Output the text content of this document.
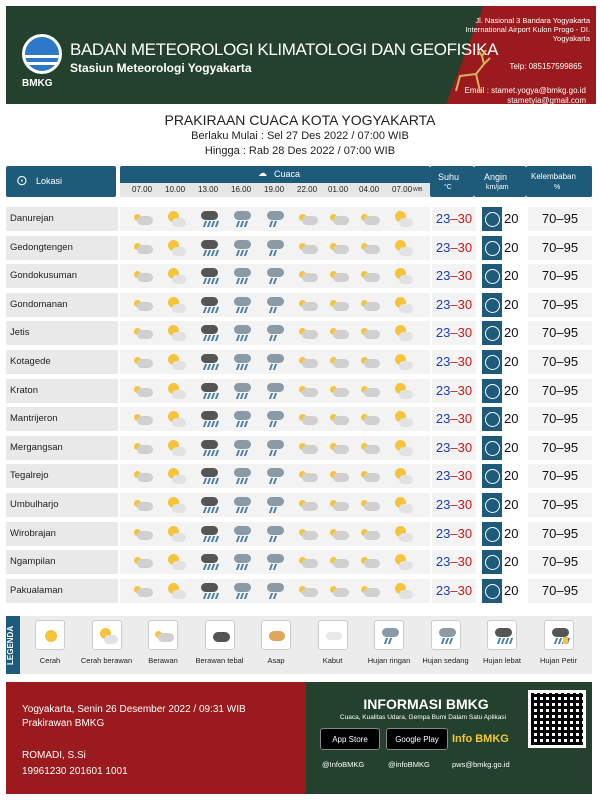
BMKG
BADAN METEOROLOGI KLIMATOLOGI DAN GEOFISIKA
Stasiun Meteorologi Yogyakarta
Jl. Nasional 3 Bandara Yogyakarta International Airport Kulon Progo - DI. Yogyakarta
Telp: 085157599865
Email : stamet.yogya@bmkg.go.id
stametyia@gmail.com
PRAKIRAAN CUACA KOTA YOGYAKARTA
Berlaku Mulai : Sel 27 Des 2022 / 07:00 WIB
Hingga : Rab 28 Des 2022 / 07:00 WIB
⊙ Lokasi
☁ Cuaca
07.00 10.00 13.00 16.00 19.00 22.00 01.00 04.00 07.00 WIB
Suhu
°C
Angin
km/jam
Kelembaban
%
Danurejan	23–30	20	70–95
Gedongtengen	23–30	20	70–95
Gondokusuman	23–30	20	70–95
Gondomanan	23–30	20	70–95
Jetis	23–30	20	70–95
Kotagede	23–30	20	70–95
Kraton	23–30	20	70–95
Mantrijeron	23–30	20	70–95
Mergangsan	23–30	20	70–95
Tegalrejo	23–30	20	70–95
Umbulharjo	23–30	20	70–95
Wirobrajan	23–30	20	70–95
Ngampilan	23–30	20	70–95
Pakualaman	23–30	20	70–95
LEGENDA	Cerah	Cerah berawan	Berawan	Berawan tebal	Asap	Kabut	Hujan ringan	Hujan sedang	Hujan lebat	Hujan Petir
Yogyakarta, Senin 26 Desember 2022 / 09:31 WIB
Prakirawan BMKG
ROMADI, S.Si
19961230 201601 1001
INFORMASI BMKG
Cuaca, Kualitas Udara, Gempa Bumi Dalam Satu Aplikasi
App Store	Google Play	Info BMKG
@InfoBMKG	@infoBMKG	pws@bmkg.go.id
